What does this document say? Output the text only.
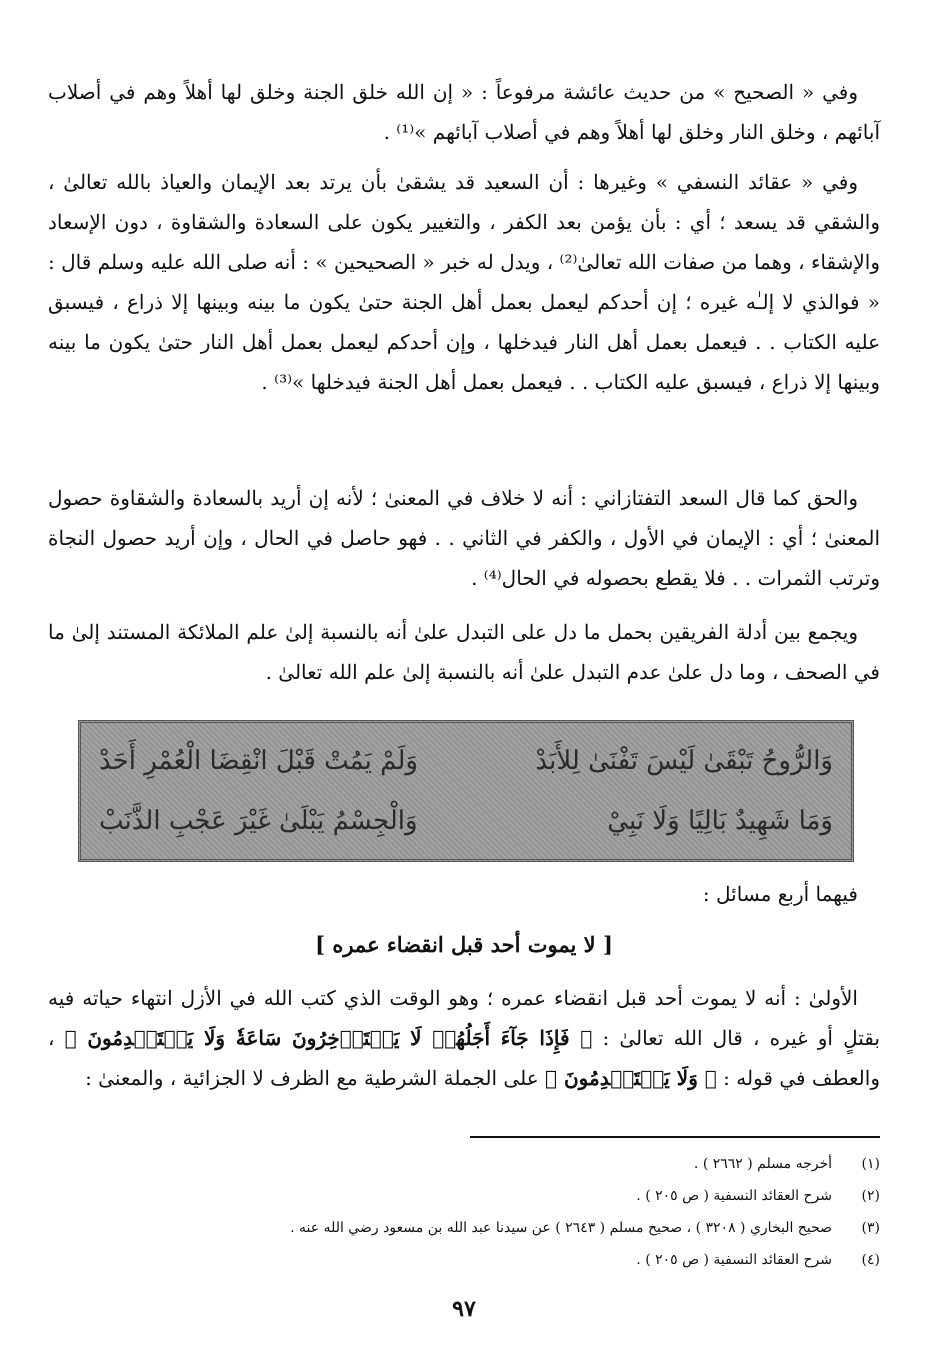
وفي « الصحيح » من حديث عائشة مرفوعاً : « إن الله خلق الجنة وخلق لها أهلاً وهم في أصلاب آبائهم ، وخلق النار وخلق لها أهلاً وهم في أصلاب آبائهم »⁽¹⁾ .

وفي « عقائد النسفي » وغيرها : أن السعيد قد يشقىٰ بأن يرتد بعد الإيمان والعياذ بالله تعالىٰ ، والشقي قد يسعد ؛ أي : بأن يؤمن بعد الكفر ، والتغيير يكون على السعادة والشقاوة ، دون الإسعاد والإشقاء ، وهما من صفات الله تعالىٰ⁽²⁾ ، ويدل له خبر « الصحيحين » : أنه صلى الله عليه وسلم قال : « فوالذي لا إلـٰه غيره ؛ إن أحدكم ليعمل بعمل أهل الجنة حتىٰ يكون ما بينه وبينها إلا ذراع ، فيسبق عليه الكتاب . . فيعمل بعمل أهل النار فيدخلها ، وإن أحدكم ليعمل بعمل أهل النار حتىٰ يكون ما بينه وبينها إلا ذراع ، فيسبق عليه الكتاب . . فيعمل بعمل أهل الجنة فيدخلها »⁽³⁾ .

والحق كما قال السعد التفتازاني : أنه لا خلاف في المعنىٰ ؛ لأنه إن أريد بالسعادة والشقاوة حصول المعنىٰ ؛ أي : الإيمان في الأول ، والكفر في الثاني . . فهو حاصل في الحال ، وإن أريد حصول النجاة وترتب الثمرات . . فلا يقطع بحصوله في الحال⁽⁴⁾ .

ويجمع بين أدلة الفريقين بحمل ما دل على التبدل علىٰ أنه بالنسبة إلىٰ علم الملائكة المستند إلىٰ ما في الصحف ، وما دل علىٰ عدم التبدل علىٰ أنه بالنسبة إلىٰ علم الله تعالىٰ .

وَلَمْ يَمُتْ قَبْلَ انْقِضَا الْعُمْرِ أَحَدْ	وَالرُّوحُ تَبْقَىٰ لَيْسَ تَفْنَىٰ لِلأَبَدْ
وَالْجِسْمُ يَبْلَىٰ غَيْرَ عَجْبِ الذَّنَبْ	وَمَا شَهِيدٌ بَالِيًا وَلَا نَبِيْ

فيهما أربع مسائل :

[ لا يموت أحد قبل انقضاء عمره ]

الأولىٰ : أنه لا يموت أحد قبل انقضاء عمره ؛ وهو الوقت الذي كتب الله في الأزل انتهاء حياته فيه بقتلٍ أو غيره ، قال الله تعالىٰ : ﴿ فَإِذَا جَآءَ أَجَلُهُمۡ لَا يَسۡتَأۡخِرُونَ سَاعَةٗ وَلَا يَسۡتَقۡدِمُونَ ﴾ ، والعطف في قوله : ﴿ وَلَا يَسۡتَقۡدِمُونَ ﴾ على الجملة الشرطية مع الظرف لا الجزائية ، والمعنىٰ :

(١)
أخرجه مسلم ( ٢٦٦٢ ) .
(٢)
شرح العقائد النسفية ( ص ٢٠٥ ) .
(٣)
صحيح البخاري ( ٣٢٠٨ ) ، صحيح مسلم ( ٢٦٤٣ ) عن سيدنا عبد الله بن مسعود رضي الله عنه .
(٤)
شرح العقائد النسفية ( ص ٢٠٥ ) .
٩٧
